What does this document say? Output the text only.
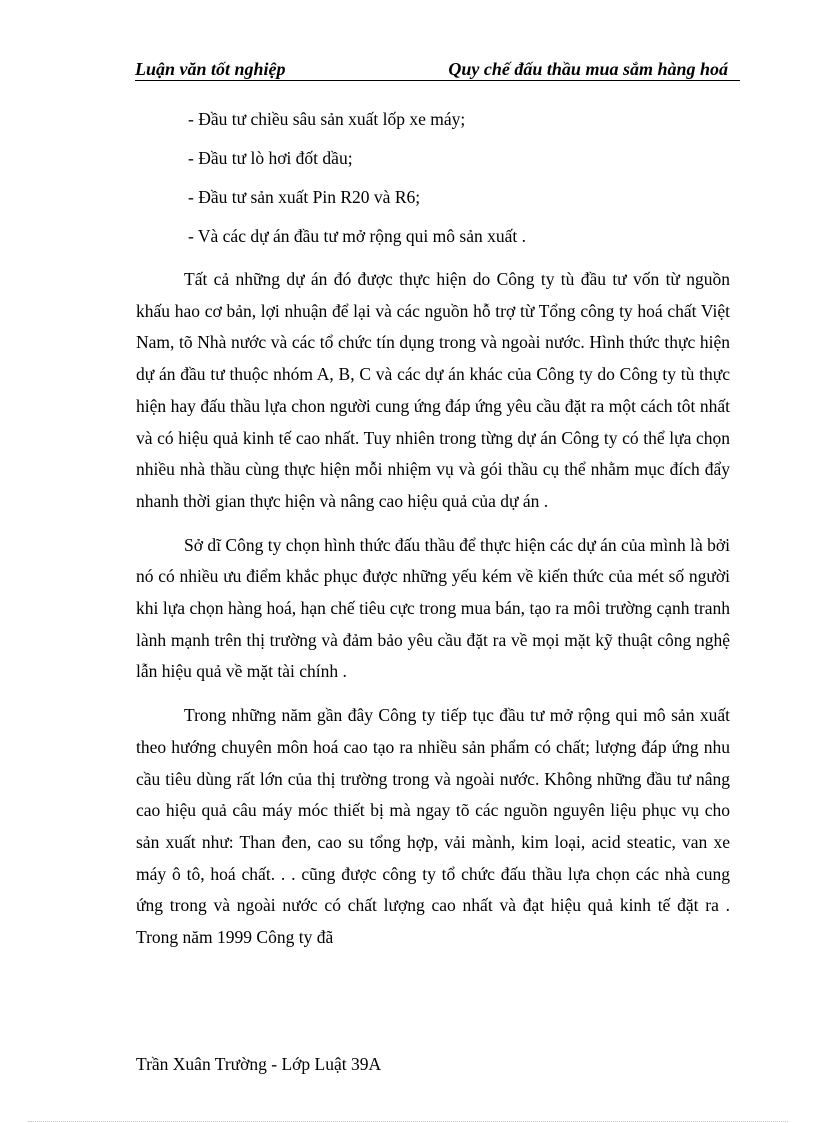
Luận văn tốt nghiệp	Quy chế đấu thầu mua sắm hàng hoá

- Đầu tư chiều sâu sản xuất lốp xe máy;

- Đầu tư lò hơi đốt dầu;

- Đầu tư sản xuất Pin R20 và R6;

- Và các dự án đầu tư mở rộng qui mô sản xuất .

Tất cả những dự án đó được thực hiện do Công ty tù đầu tư vốn từ nguồn khấu hao cơ bản, lợi nhuận để lại và các nguồn hỗ trợ từ Tổng công ty hoá chất Việt Nam, tõ Nhà nước và các tổ chức tín dụng trong và ngoài nước. Hình thức thực hiện dự án đầu tư thuộc nhóm A, B, C và các dự án khác của Công ty do Công ty tù thực hiện hay đấu thầu lựa chon người cung ứng đáp ứng yêu cầu đặt ra một cách tôt nhất và có hiệu quả kinh tế cao nhất. Tuy nhiên trong từng dự án Công ty có thể lựa chọn nhiều nhà thầu cùng thực hiện mỗi nhiệm vụ và gói thầu cụ thể nhằm mục đích đẩy nhanh thời gian thực hiện và nâng cao hiệu quả của dự án .

Sở dĩ Công ty chọn hình thức đấu thầu để thực hiện các dự án của mình là bởi nó có nhiều ưu điểm khắc phục được những yếu kém về kiến thức của mét số người khi lựa chọn hàng hoá, hạn chế tiêu cực trong mua bán, tạo ra môi trường cạnh tranh lành mạnh trên thị trường và đảm bảo yêu cầu đặt ra về mọi mặt kỹ thuật công nghệ lẫn hiệu quả về mặt tài chính .

Trong những năm gần đây Công ty tiếp tục đầu tư mở rộng qui mô sản xuất theo hướng chuyên môn hoá cao tạo ra nhiều sản phẩm có chất; lượng đáp ứng nhu cầu tiêu dùng rất lớn của thị trường trong và ngoài nước. Không những đầu tư nâng cao hiệu quả câu máy móc thiết bị mà ngay tõ các nguồn nguyên liệu phục vụ cho sản xuất như: Than đen, cao su tổng hợp, vải mành, kim loại, acid steatic, van xe máy ô tô, hoá chất. . . cũng được công ty tổ chức đấu thầu lựa chọn các nhà cung ứng trong và ngoài nước có chất lượng cao nhất và đạt hiệu quả kinh tế đặt ra . Trong năm 1999 Công ty đã

Trần Xuân Trường - Lớp Luật 39A
